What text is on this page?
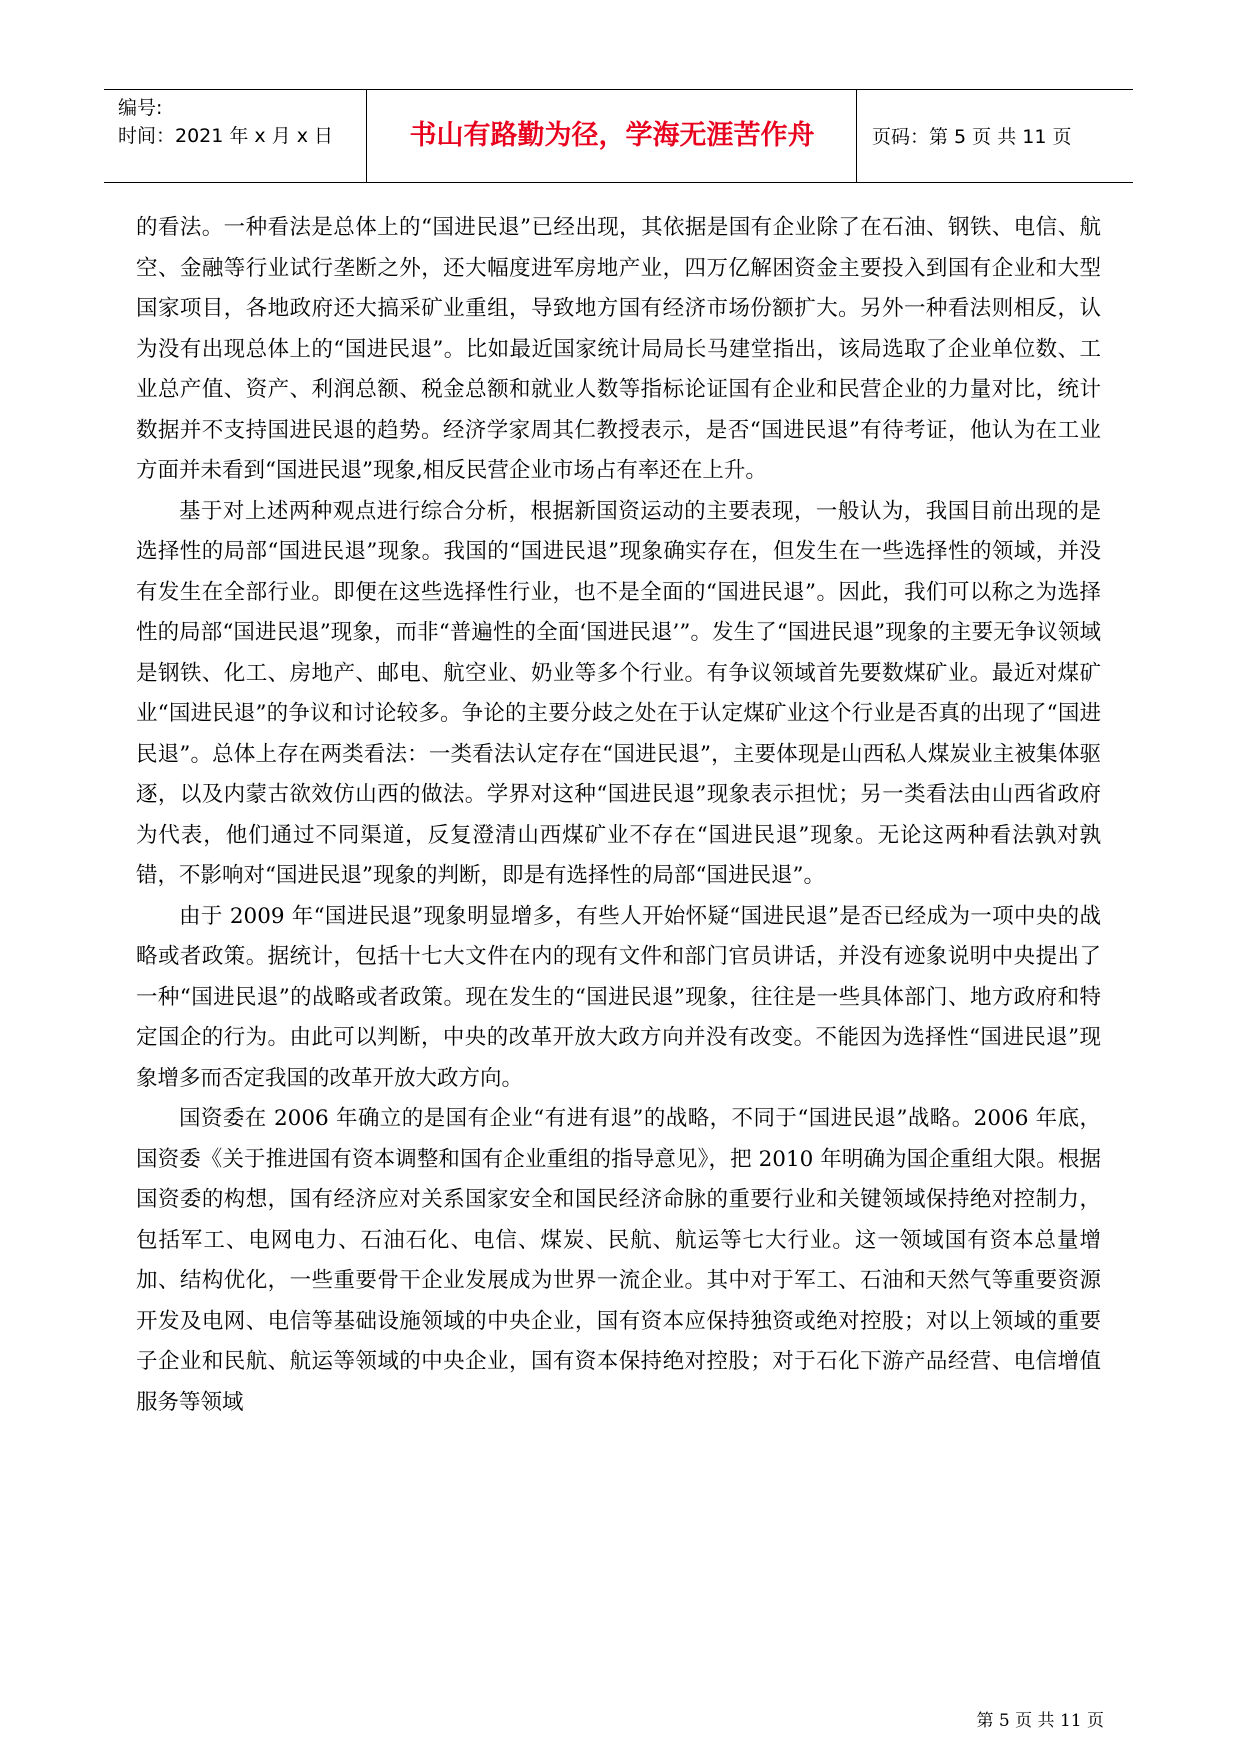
编号:
时间：2021 年 x 月 x 日	书山有路勤为径，学海无涯苦作舟	页码：第 5 页 共 11 页

的看法。一种看法是总体上的“国进民退”已经出现，其依据是国有企业除了在石油、钢铁、电信、航空、金融等行业试行垄断之外，还大幅度进军房地产业，四万亿解困资金主要投入到国有企业和大型国家项目，各地政府还大搞采矿业重组，导致地方国有经济市场份额扩大。另外一种看法则相反，认为没有出现总体上的“国进民退”。比如最近国家统计局局长马建堂指出，该局选取了企业单位数、工业总产值、资产、利润总额、税金总额和就业人数等指标论证国有企业和民营企业的力量对比，统计数据并不支持国进民退的趋势。经济学家周其仁教授表示，是否“国进民退”有待考证，他认为在工业方面并未看到“国进民退”现象,相反民营企业市场占有率还在上升。

基于对上述两种观点进行综合分析，根据新国资运动的主要表现，一般认为，我国目前出现的是选择性的局部“国进民退”现象。我国的“国进民退”现象确实存在，但发生在一些选择性的领域，并没有发生在全部行业。即便在这些选择性行业，也不是全面的“国进民退”。因此，我们可以称之为选择性的局部“国进民退”现象，而非“普遍性的全面‘国进民退’”。发生了“国进民退”现象的主要无争议领域是钢铁、化工、房地产、邮电、航空业、奶业等多个行业。有争议领域首先要数煤矿业。最近对煤矿业“国进民退”的争议和讨论较多。争论的主要分歧之处在于认定煤矿业这个行业是否真的出现了“国进民退”。总体上存在两类看法：一类看法认定存在“国进民退”，主要体现是山西私人煤炭业主被集体驱逐，以及内蒙古欲效仿山西的做法。学界对这种“国进民退”现象表示担忧；另一类看法由山西省政府为代表，他们通过不同渠道，反复澄清山西煤矿业不存在“国进民退”现象。无论这两种看法孰对孰错，不影响对“国进民退”现象的判断，即是有选择性的局部“国进民退”。

由于 2009 年“国进民退”现象明显增多，有些人开始怀疑“国进民退”是否已经成为一项中央的战略或者政策。据统计，包括十七大文件在内的现有文件和部门官员讲话，并没有迹象说明中央提出了一种“国进民退”的战略或者政策。现在发生的“国进民退”现象，往往是一些具体部门、地方政府和特定国企的行为。由此可以判断，中央的改革开放大政方向并没有改变。不能因为选择性“国进民退”现象增多而否定我国的改革开放大政方向。

国资委在 2006 年确立的是国有企业“有进有退”的战略，不同于“国进民退”战略。2006 年底，国资委《关于推进国有资本调整和国有企业重组的指导意见》，把 2010 年明确为国企重组大限。根据国资委的构想，国有经济应对关系国家安全和国民经济命脉的重要行业和关键领域保持绝对控制力，包括军工、电网电力、石油石化、电信、煤炭、民航、航运等七大行业。这一领域国有资本总量增加、结构优化，一些重要骨干企业发展成为世界一流企业。其中对于军工、石油和天然气等重要资源开发及电网、电信等基础设施领域的中央企业，国有资本应保持独资或绝对控股；对以上领域的重要子企业和民航、航运等领域的中央企业，国有资本保持绝对控股；对于石化下游产品经营、电信增值服务等领域

第 5 页 共 11 页
